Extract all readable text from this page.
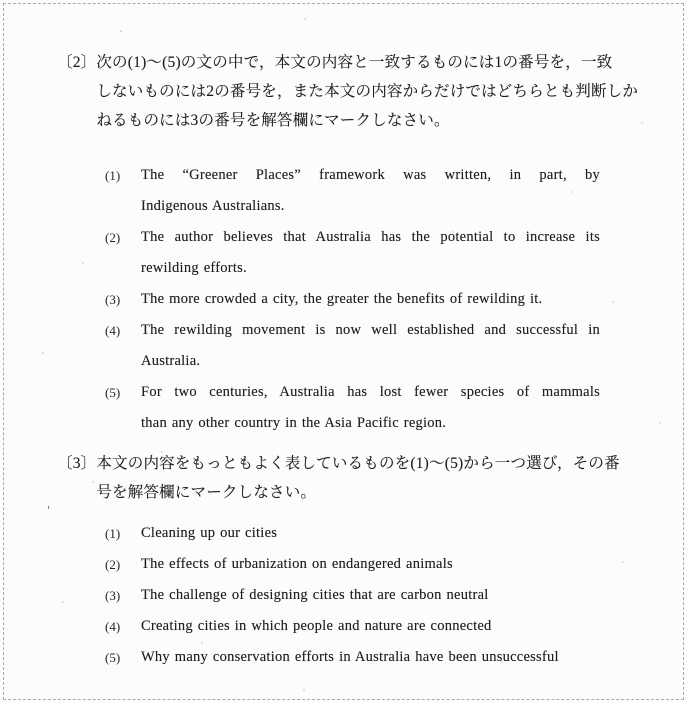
'
〔2〕 次の(1)～(5)の文の中で，本文の内容と一致するものには1の番号を，一致
しないものには2の番号を，また本文の内容からだけではどちらとも判断しか
ねるものには3の番号を解答欄にマークしなさい。
(1)	The “Greener Places” framework was written, in part, by
Indigenous Australians.
(2)	The author believes that Australia has the potential to increase its
rewilding efforts.
(3)	The more crowded a city, the greater the benefits of rewilding it.
(4)	The rewilding movement is now well established and successful in
Australia.
(5)	For two centuries, Australia has lost fewer species of mammals
than any other country in the Asia Pacific region.
〔3〕 本文の内容をもっともよく表しているものを(1)～(5)から一つ選び，その番
号を解答欄にマークしなさい。
(1)	Cleaning up our cities
(2)	The effects of urbanization on endangered animals
(3)	The challenge of designing cities that are carbon neutral
(4)	Creating cities in which people and nature are connected
(5)	Why many conservation efforts in Australia have been unsuccessful
